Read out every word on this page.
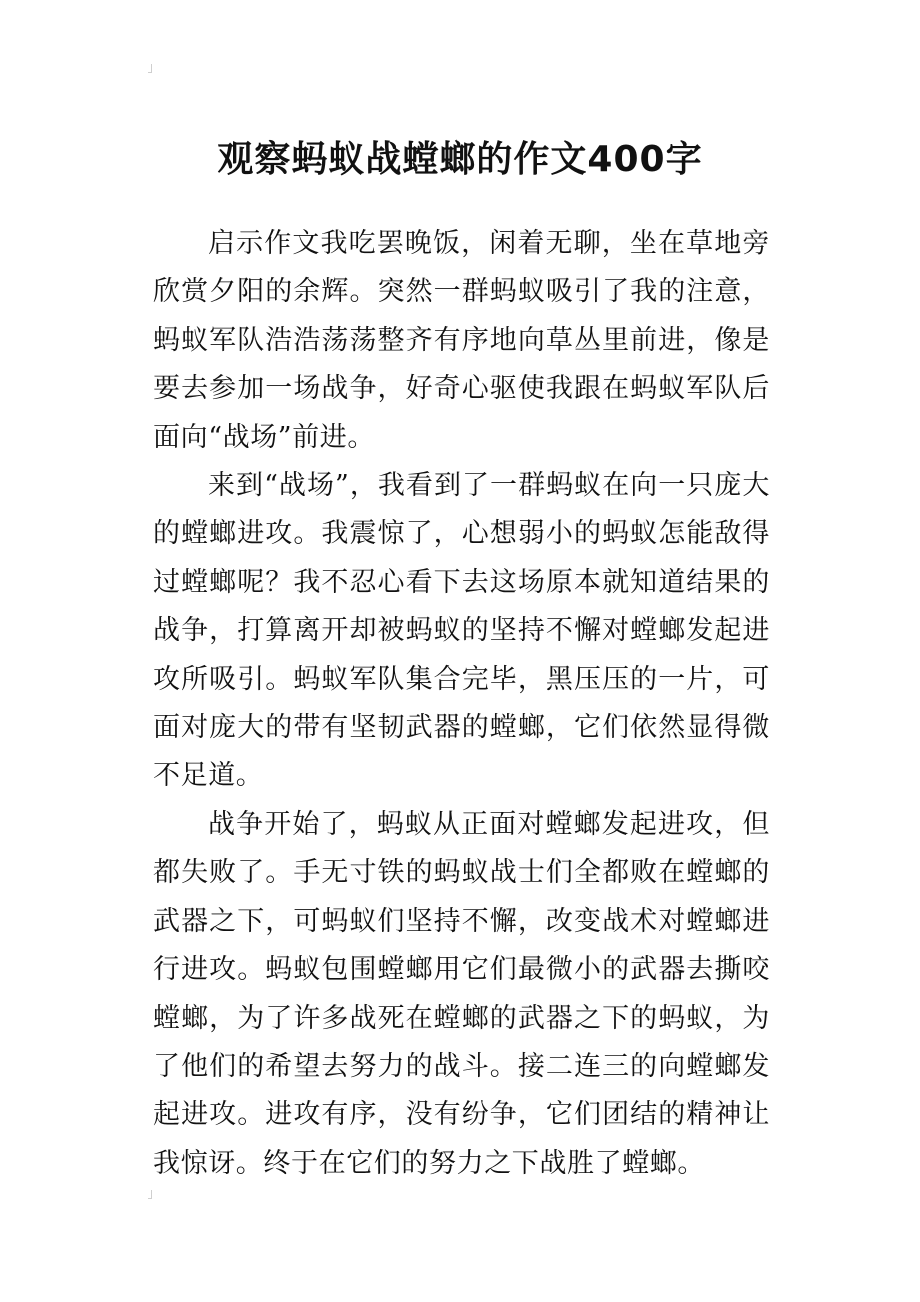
观察蚂蚁战螳螂的作文400字

启示作文我吃罢晚饭，闲着无聊，坐在草地旁欣赏夕阳的余辉。突然一群蚂蚁吸引了我的注意，蚂蚁军队浩浩荡荡整齐有序地向草丛里前进，像是要去参加一场战争，好奇心驱使我跟在蚂蚁军队后面向“战场”前进。

来到“战场”，我看到了一群蚂蚁在向一只庞大的螳螂进攻。我震惊了，心想弱小的蚂蚁怎能敌得过螳螂呢？我不忍心看下去这场原本就知道结果的战争，打算离开却被蚂蚁的坚持不懈对螳螂发起进攻所吸引。蚂蚁军队集合完毕，黑压压的一片，可面对庞大的带有坚韧武器的螳螂，它们依然显得微不足道。

战争开始了，蚂蚁从正面对螳螂发起进攻，但都失败了。手无寸铁的蚂蚁战士们全都败在螳螂的武器之下，可蚂蚁们坚持不懈，改变战术对螳螂进行进攻。蚂蚁包围螳螂用它们最微小的武器去撕咬螳螂，为了许多战死在螳螂的武器之下的蚂蚁，为了他们的希望去努力的战斗。接二连三的向螳螂发起进攻。进攻有序，没有纷争，它们团结的精神让我惊讶。终于在它们的努力之下战胜了螳螂。
